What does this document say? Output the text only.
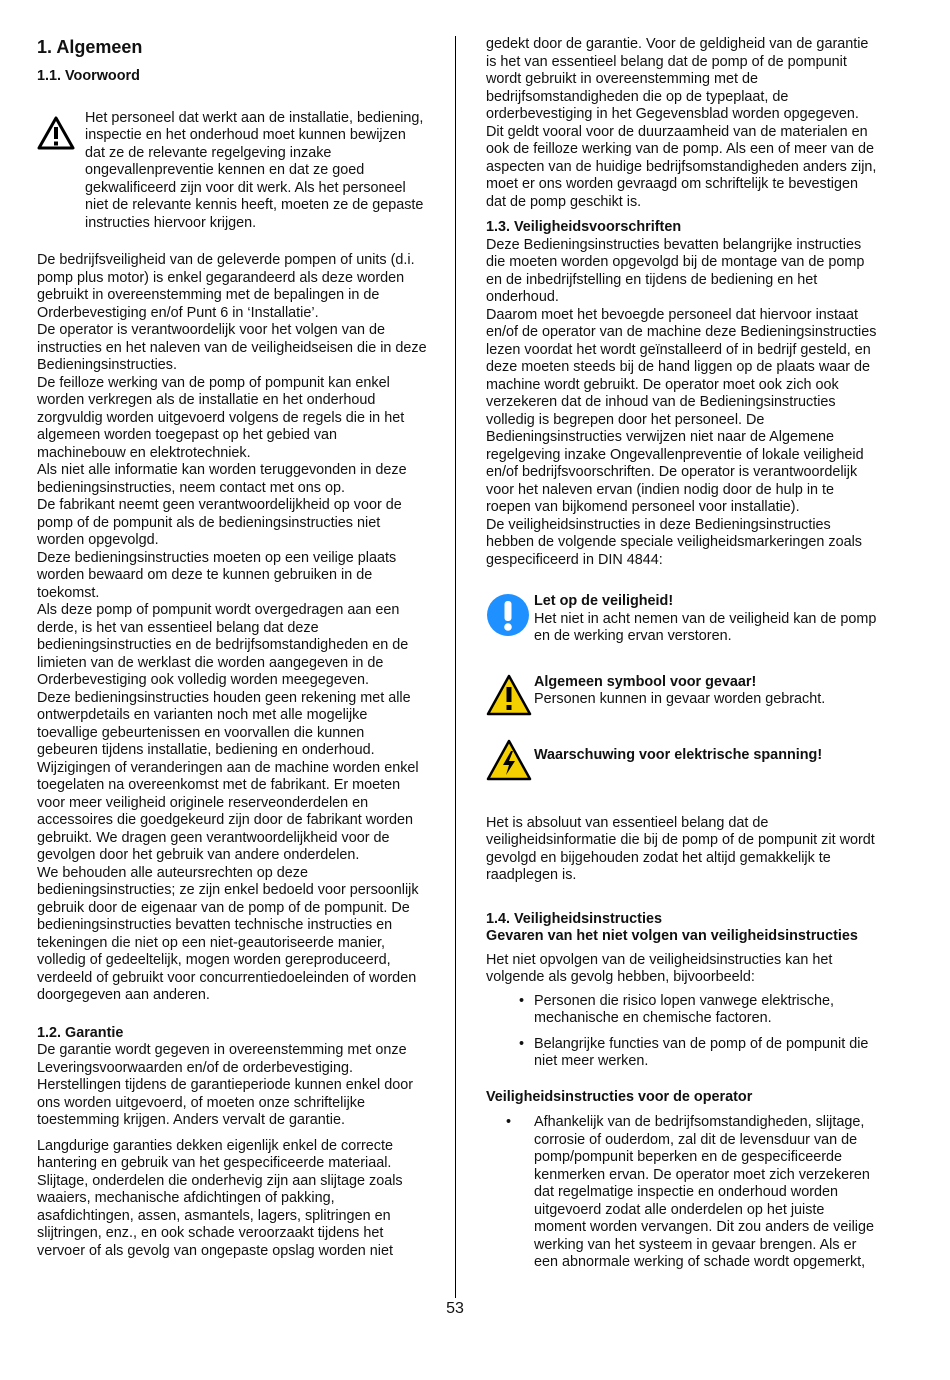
1. Algemeen
1.1. Voorwoord

Het personeel dat werkt aan de installatie, bediening, inspectie en het onderhoud moet kunnen bewijzen dat ze de relevante regelgeving inzake ongevallenpreventie kennen en dat ze goed gekwalificeerd zijn voor dit werk. Als het personeel niet de relevante kennis heeft, moeten ze de gepaste instructies hiervoor krijgen.

De bedrijfsveiligheid van de geleverde pompen of units (d.i. pomp plus motor) is enkel gegarandeerd als deze worden gebruikt in overeenstemming met de bepalingen in de Orderbevestiging en/of Punt 6 in ‘Installatie’.

De operator is verantwoordelijk voor het volgen van de instructies en het naleven van de veiligheidseisen die in deze Bedieningsinstructies.

De feilloze werking van de pomp of pompunit kan enkel worden verkregen als de installatie en het onderhoud zorgvuldig worden uitgevoerd volgens de regels die in het algemeen worden toegepast op het gebied van machinebouw en elektrotechniek.

Als niet alle informatie kan worden teruggevonden in deze bedieningsinstructies, neem contact met ons op.

De fabrikant neemt geen verantwoordelijkheid op voor de pomp of de pompunit als de bedieningsinstructies niet worden opgevolgd.

Deze bedieningsinstructies moeten op een veilige plaats worden bewaard om deze te kunnen gebruiken in de toekomst.

Als deze pomp of pompunit wordt overgedragen aan een derde, is het van essentieel belang dat deze bedieningsinstructies en de bedrijfsomstandigheden en de limieten van de werklast die worden aangegeven in de Orderbevestiging ook volledig worden meegegeven.

Deze bedieningsinstructies houden geen rekening met alle ontwerpdetails en varianten noch met alle mogelijke toevallige gebeurtenissen en voorvallen die kunnen gebeuren tijdens installatie, bediening en onderhoud.

Wijzigingen of veranderingen aan de machine worden enkel toegelaten na overeenkomst met de fabrikant. Er moeten voor meer veiligheid originele reserveonderdelen en accessoires die goedgekeurd zijn door de fabrikant worden gebruikt. We dragen geen verantwoordelijkheid voor de gevolgen door het gebruik van andere onderdelen.

We behouden alle auteursrechten op deze bedieningsinstructies; ze zijn enkel bedoeld voor persoonlijk gebruik door de eigenaar van de pomp of de pompunit. De bedieningsinstructies bevatten technische instructies en tekeningen die niet op een niet-geautoriseerde manier, volledig of gedeeltelijk, mogen worden gereproduceerd, verdeeld of gebruikt voor concurrentiedoeleinden of worden doorgegeven aan anderen.

1.2. Garantie

De garantie wordt gegeven in overeenstemming met onze Leveringsvoorwaarden en/of de orderbevestiging. Herstellingen tijdens de garantieperiode kunnen enkel door ons worden uitgevoerd, of moeten onze schriftelijke toestemming krijgen. Anders vervalt de garantie.

Langdurige garanties dekken eigenlijk enkel de correcte hantering en gebruik van het gespecificeerde materiaal. Slijtage, onderdelen die onderhevig zijn aan slijtage zoals waaiers, mechanische afdichtingen of pakking, asafdichtingen, assen, asmantels, lagers, splitringen en slijtringen, enz., en ook schade veroorzaakt tijdens het vervoer of als gevolg van ongepaste opslag worden niet

gedekt door de garantie. Voor de geldigheid van de garantie is het van essentieel belang dat de pomp of de pompunit wordt gebruikt in overeenstemming met de bedrijfsomstandigheden die op de typeplaat, de orderbevestiging in het Gegevensblad worden opgegeven. Dit geldt vooral voor de duurzaamheid van de materialen en ook de feilloze werking van de pomp. Als een of meer van de aspecten van de huidige bedrijfsomstandigheden anders zijn, moet er ons worden gevraagd om schriftelijk te bevestigen dat de pomp geschikt is.

1.3. Veiligheidsvoorschriften

Deze Bedieningsinstructies bevatten belangrijke instructies die moeten worden opgevolgd bij de montage van de pomp en de inbedrijfstelling en tijdens de bediening en het onderhoud.

Daarom moet het bevoegde personeel dat hiervoor instaat en/of de operator van de machine deze Bedieningsinstructies lezen voordat het wordt geïnstalleerd of in bedrijf gesteld, en deze moeten steeds bij de hand liggen op de plaats waar de machine wordt gebruikt. De operator moet ook zich ook verzekeren dat de inhoud van de Bedieningsinstructies volledig is begrepen door het personeel. De Bedieningsinstructies verwijzen niet naar de Algemene regelgeving inzake Ongevallenpreventie of lokale veiligheid en/of bedrijfsvoorschriften. De operator is verantwoordelijk voor het naleven ervan (indien nodig door de hulp in te roepen van bijkomend personeel voor installatie).

De veiligheidsinstructies in deze Bedieningsinstructies hebben de volgende speciale veiligheidsmarkeringen zoals gespecificeerd in DIN 4844:

Let op de veiligheid!

Het niet in acht nemen van de veiligheid kan de pomp en de werking ervan verstoren.

Algemeen symbool voor gevaar!

Personen kunnen in gevaar worden gebracht.

Waarschuwing voor elektrische spanning!

Het is absoluut van essentieel belang dat de veiligheidsinformatie die bij de pomp of de pompunit zit wordt gevolgd en bijgehouden zodat het altijd gemakkelijk te raadplegen is.

1.4. Veiligheidsinstructies
Gevaren van het niet volgen van veiligheidsinstructies

Het niet opvolgen van de veiligheidsinstructies kan het volgende als gevolg hebben, bijvoorbeeld:

• Personen die risico lopen vanwege elektrische, mechanische en chemische factoren.
• Belangrijke functies van de pomp of de pompunit die niet meer werken.
Veiligheidsinstructies voor de operator
• Afhankelijk van de bedrijfsomstandigheden, slijtage, corrosie of ouderdom, zal dit de levensduur van de pomp/pompunit beperken en de gespecificeerde kenmerken ervan. De operator moet zich verzekeren dat regelmatige inspectie en onderhoud worden uitgevoerd zodat alle onderdelen op het juiste moment worden vervangen. Dit zou anders de veilige werking van het systeem in gevaar brengen. Als er een abnormale werking of schade wordt opgemerkt,
53
